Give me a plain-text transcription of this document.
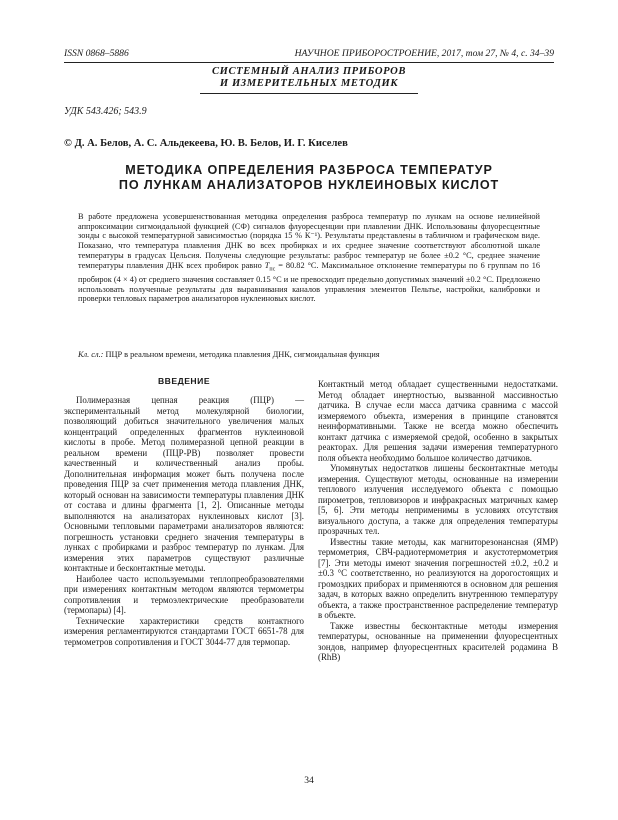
ISSN 0868–5886	НАУЧНОЕ ПРИБОРОСТРОЕНИЕ, 2017, том 27, № 4, с. 34–39
СИСТЕМНЫЙ АНАЛИЗ ПРИБОРОВ
И ИЗМЕРИТЕЛЬНЫХ МЕТОДИК
УДК 543.426; 543.9
© Д. А. Белов, А. С. Альдекеева, Ю. В. Белов, И. Г. Киселев
МЕТОДИКА ОПРЕДЕЛЕНИЯ РАЗБРОСА ТЕМПЕРАТУР
ПО ЛУНКАМ АНАЛИЗАТОРОВ НУКЛЕИНОВЫХ КИСЛОТ
В работе предложена усовершенствованная методика определения разброса температур по лункам на основе нелинейной аппроксимации сигмоидальной функцией (СФ) сигналов флуоресценции при плавлении ДНК. Использованы флуоресцентные зонды с высокой температурной зависимостью (порядка 15 % К⁻¹). Результаты представлены в табличном и графическом виде. Показано, что температура плавления ДНК во всех пробирках и их среднее значение соответствуют абсолютной шкале температуры в градусах Цельсия. Получены следующие результаты: разброс температур не более ±0.2 °С, среднее значение температуры плавления ДНК всех пробирок равно $T_{пс} = 80.82$ °С. Максимальное отклонение температуры по 6 группам по 16 пробирок (4 × 4) от среднего значения составляет 0.15 °С и не превосходит предельно допустимых значений ±0.2 °С. Предложено использовать полученные результаты для выравнивания каналов управления элементов Пельтье, настройки, калибровки и проверки тепловых параметров анализаторов нуклеиновых кислот.
Кл. сл.: ПЦР в реальном времени, методика плавления ДНК, сигмоидальная функция
ВВЕДЕНИЕ

Полимеразная цепная реакция (ПЦР) — экспериментальный метод молекулярной биологии, позволяющий добиться значительного увеличения малых концентраций определенных фрагментов нуклеиновой кислоты в пробе. Метод полимеразной цепной реакции в реальном времени (ПЦР-РВ) позволяет провести качественный и количественный анализ пробы. Дополнительная информация может быть получена после проведения ПЦР за счет применения метода плавления ДНК, который основан на зависимости температуры плавления ДНК от состава и длины фрагмента [1, 2]. Описанные методы выполняются на анализаторах нуклеиновых кислот [3]. Основными тепловыми параметрами анализаторов являются: погрешность установки среднего значения температуры в лунках с пробирками и разброс температур по лункам. Для измерения этих параметров существуют различные контактные и бесконтактные методы.

Наиболее часто используемыми теплопреобразователями при измерениях контактным методом являются термометры сопротивления и термоэлектрические преобразователи (термопары) [4].

Технические характеристики средств контактного измерения регламентируются стандартами ГОСТ 6651-78 для термометров сопротивления и ГОСТ 3044-77 для термопар.

Контактный метод обладает существенными недостатками. Метод обладает инертностью, вызванной массивностью датчика. В случае если масса датчика сравнима с массой измеряемого объекта, измерения в принципе становятся неинформативными. Также не всегда можно обеспечить контакт датчика с измеряемой средой, особенно в закрытых реакторах. Для решения задачи измерения температурного поля объекта необходимо большое количество датчиков.

Упомянутых недостатков лишены бесконтактные методы измерения. Существуют методы, основанные на измерении теплового излучения исследуемого объекта с помощью пирометров, тепловизоров и инфракрасных матричных камер [5, 6]. Эти методы неприменимы в условиях отсутствия визуального доступа, а также для определения температуры прозрачных тел.

Известны такие методы, как магниторезонансная (ЯМР) термометрия, СВЧ-радиотермометрия и акустотермометрия [7]. Эти методы имеют значения погрешностей ±0.2, ±0.2 и ±0.3 °С соответственно, но реализуются на дорогостоящих и громоздких приборах и применяются в основном для решения задач, в которых важно определить внутреннюю температуру объекта, а также пространственное распределение температур в объекте.

Также известны бесконтактные методы измерения температуры, основанные на применении флуоресцентных зондов, например флуоресцентных красителей родамина В (RhB)

34
